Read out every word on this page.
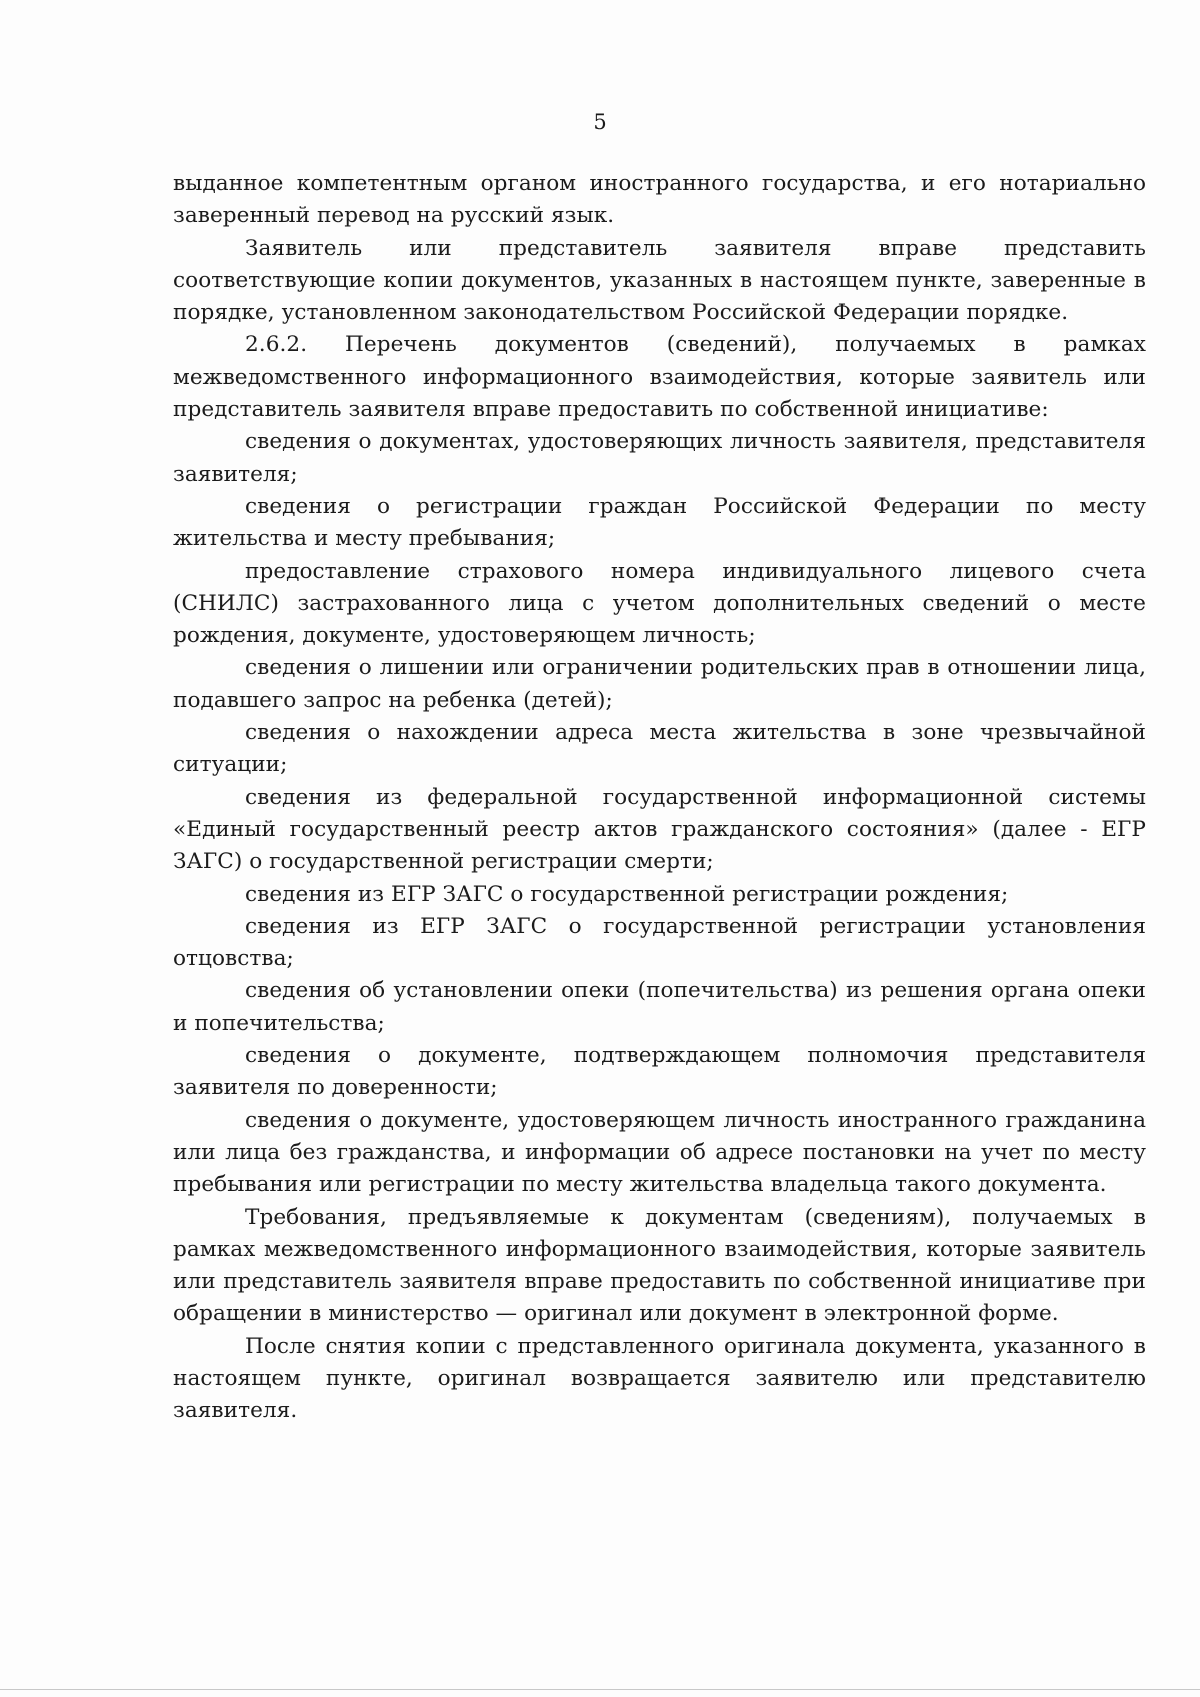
5

выданное компетентным органом иностранного государства, и его нотариально заверенный перевод на русский язык.

Заявитель или представитель заявителя вправе представить соответствующие копии документов, указанных в настоящем пункте, заверенные в порядке, установленном законодательством Российской Федерации порядке.

2.6.2. Перечень документов (сведений), получаемых в рамках межведомственного информационного взаимодействия, которые заявитель или представитель заявителя вправе предоставить по собственной инициативе:

сведения о документах, удостоверяющих личность заявителя, представителя заявителя;

сведения о регистрации граждан Российской Федерации по месту жительства и месту пребывания;

предоставление страхового номера индивидуального лицевого счета (СНИЛС) застрахованного лица с учетом дополнительных сведений о месте рождения, документе, удостоверяющем личность;

сведения о лишении или ограничении родительских прав в отношении лица, подавшего запрос на ребенка (детей);

сведения о нахождении адреса места жительства в зоне чрезвычайной ситуации;

сведения из федеральной государственной информационной системы «Единый государственный реестр актов гражданского состояния» (далее - ЕГР ЗАГС) о государственной регистрации смерти;

сведения из ЕГР ЗАГС о государственной регистрации рождения;

сведения из ЕГР ЗАГС о государственной регистрации установления отцовства;

сведения об установлении опеки (попечительства) из решения органа опеки и попечительства;

сведения о документе, подтверждающем полномочия представителя заявителя по доверенности;

сведения о документе, удостоверяющем личность иностранного гражданина или лица без гражданства, и информации об адресе постановки на учет по месту пребывания или регистрации по месту жительства владельца такого документа.

Требования, предъявляемые к документам (сведениям), получаемых в рамках межведомственного информационного взаимодействия, которые заявитель или представитель заявителя вправе предоставить по собственной инициативе при обращении в министерство — оригинал или документ в электронной форме.

После снятия копии с представленного оригинала документа, указанного в настоящем пункте, оригинал возвращается заявителю или представителю заявителя.
